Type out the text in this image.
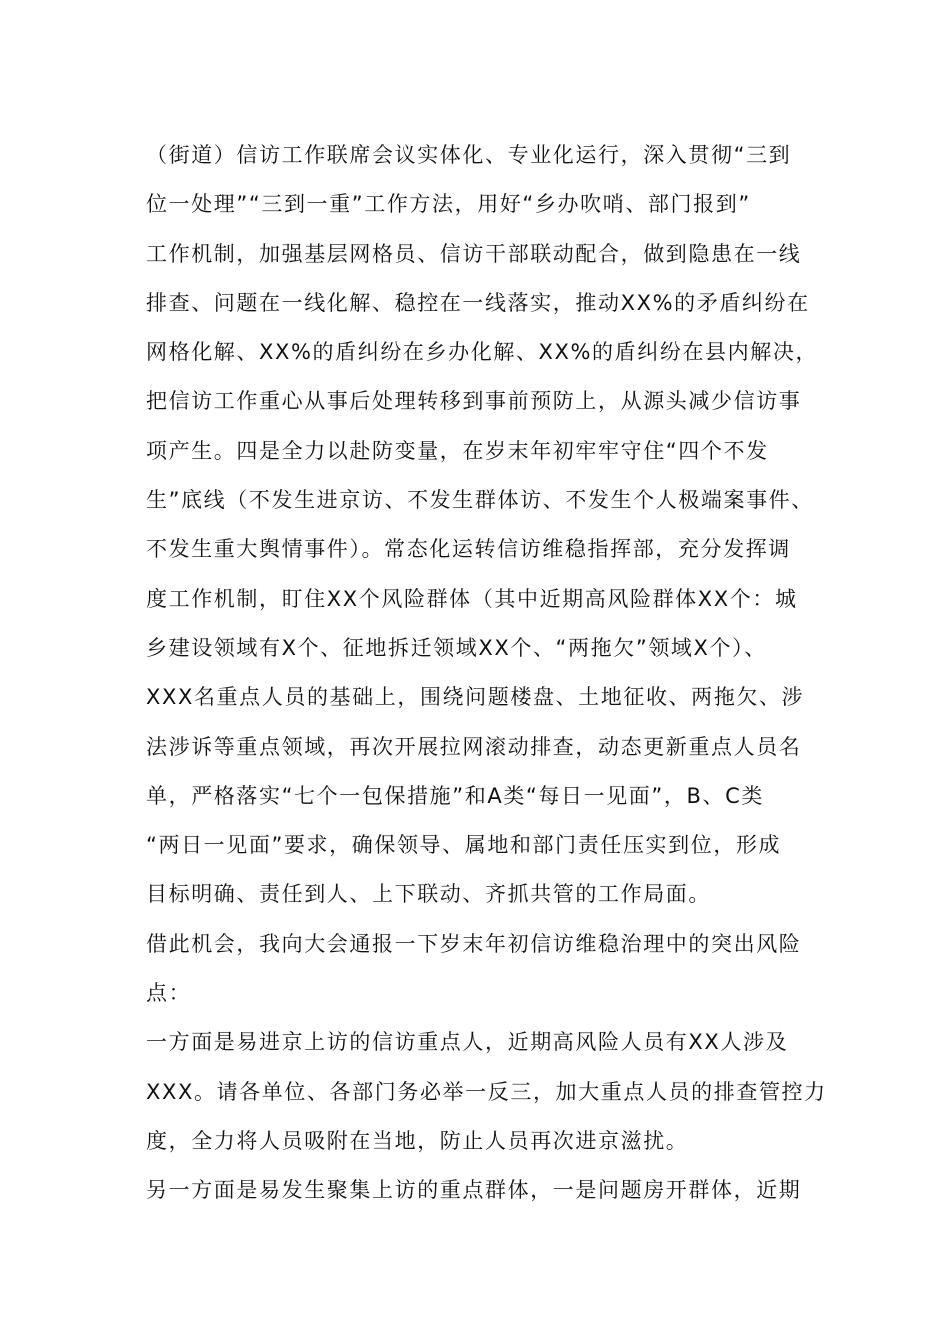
（街道）信访工作联席会议实体化、专业化运行，深入贯彻“三到
位一处理”“三到一重”工作方法，用好“乡办吹哨、部门报到”
工作机制，加强基层网格员、信访干部联动配合，做到隐患在一线
排查、问题在一线化解、稳控在一线落实，推动XX%的矛盾纠纷在
网格化解、XX%的盾纠纷在乡办化解、XX%的盾纠纷在县内解决，
把信访工作重心从事后处理转移到事前预防上，从源头减少信访事
项产生。四是全力以赴防变量，在岁末年初牢牢守住“四个不发
生”底线（不发生进京访、不发生群体访、不发生个人极端案事件、
不发生重大舆情事件）。常态化运转信访维稳指挥部，充分发挥调
度工作机制，盯住XX个风险群体（其中近期高风险群体XX个：城
乡建设领域有X个、征地拆迁领域XX个、“两拖欠”领域X个）、
XXX名重点人员的基础上，围绕问题楼盘、土地征收、两拖欠、涉
法涉诉等重点领域，再次开展拉网滚动排查，动态更新重点人员名
单，严格落实“七个一包保措施”和A类“每日一见面”，B、C类
“两日一见面”要求，确保领导、属地和部门责任压实到位，形成
目标明确、责任到人、上下联动、齐抓共管的工作局面。
借此机会，我向大会通报一下岁末年初信访维稳治理中的突出风险
点：
一方面是易进京上访的信访重点人，近期高风险人员有XX人涉及
XXX。请各单位、各部门务必举一反三，加大重点人员的排查管控力
度，全力将人员吸附在当地，防止人员再次进京滋扰。
另一方面是易发生聚集上访的重点群体，一是问题房开群体，近期
